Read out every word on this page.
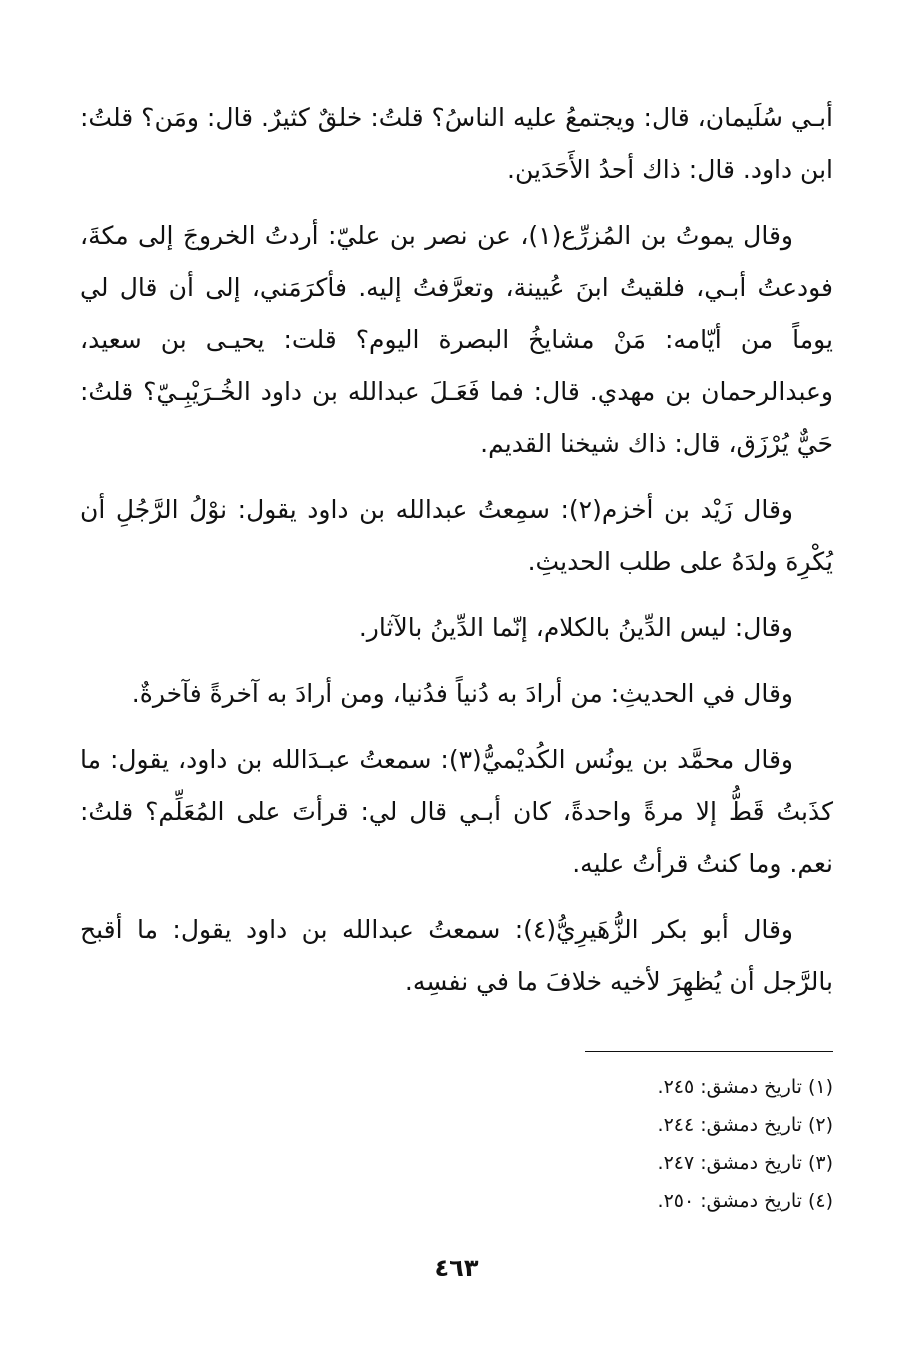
أبـي سُلَيمان، قال: ويجتمعُ عليه الناسُ؟ قلتُ: خلقٌ كثيرٌ. قال: ومَن؟ قلتُ: ابن داود. قال: ذاك أحدُ الأَحَدَين.

وقال يموتُ بن المُزرِّع(١)، عن نصر بن عليّ: أردتُ الخروجَ إلى مكةَ، فودعتُ أبـي، فلقيتُ ابنَ عُيينة، وتعرَّفتُ إليه. فأكرَمَني، إلى أن قال لي يوماً من أيّامه: مَنْ مشايخُ البصرة اليوم؟ قلت: يحيـى بن سعيد، وعبدالرحمان بن مهدي. قال: فما فَعَـلَ عبدالله بن داود الخُـرَيْبِـيّ؟ قلتُ: حَيٌّ يُرْزَق، قال: ذاك شيخنا القديم.

وقال زَيْد بن أخزم(٢): سمِعتُ عبدالله بن داود يقول: نوْلُ الرَّجُلِ أن يُكْرِهَ ولدَهُ على طلب الحديثِ.

وقال: ليس الدِّينُ بالكلام، إنّما الدِّينُ بالآثار.

وقال في الحديثِ: من أرادَ به دُنياً فدُنيا، ومن أرادَ به آخرةً فآخرةٌ.

وقال محمَّد بن يونُس الكُديْميُّ(٣): سمعتُ عبـدَالله بن داود، يقول: ما كذَبتُ قَطُّ إلا مرةً واحدةً، كان أبـي قال لي: قرأتَ على المُعَلِّم؟ قلتُ: نعم. وما كنتُ قرأتُ عليه.

وقال أبو بكر الزُّهَيرِيُّ(٤): سمعتُ عبدالله بن داود يقول: ما أقبح بالرَّجل أن يُظهِرَ لأخيه خلافَ ما في نفسِه.

(١) تاريخ دمشق: ٢٤٥.

(٢) تاريخ دمشق: ٢٤٤.

(٣) تاريخ دمشق: ٢٤٧.

(٤) تاريخ دمشق: ٢٥٠.

٤٦٣
